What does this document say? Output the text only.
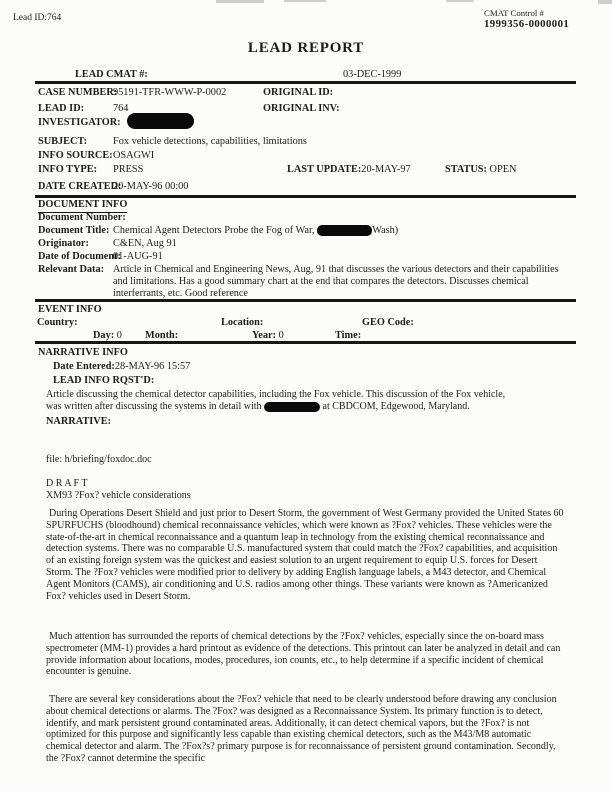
Lead ID:764	CMAT Control #
1999356-0000001
LEAD REPORT
LEAD CMAT #:	03-DEC-1999
CASE NUMBER:
95191-TFR-WWW-P-0002	ORIGINAL ID:
LEAD ID:	764	ORIGINAL INV:
INVESTIGATOR:
SUBJECT:	Fox vehicle detections, capabilities, limitations
INFO SOURCE: OSAGWI
INFO TYPE: PRESS	LAST UPDATE:20-MAY-97	STATUS: OPEN
DATE CREATED:
20-MAY-96 00:00
DOCUMENT INFO
Document Number:
Document Title: Chemical Agent Detectors Probe the Fog of War,	Wash)
Originator: C&EN, Aug 91
Date of Document:
01-AUG-91
Relevant Data: Article in Chemical and Engineering News, Aug, 91 that discusses the various detectors and their capabilities and limitations. Has a good summary chart at the end that compares the detectors. Discusses chemical interferrants, etc. Good reference
EVENT INFO
Country:	Location:	GEO Code:
Day: 0 Month:	Year: 0	Time:
NARRATIVE INFO
Date Entered:28-MAY-96 15:57
LEAD INFO RQST'D:
Article discussing the chemical detector capabilities, including the Fox vehicle. This discussion of the Fox vehicle,
was written after discussing the systems in detail with	at CBDCOM, Edgewood, Maryland.
NARRATIVE:
file: h/briefing/foxdoc.doc
D R A F T
XM93 ?Fox? vehicle considerations
During Operations Desert Shield and just prior to Desert Storm, the government of West Germany provided the United States 60 SPURFUCHS (bloodhound) chemical reconnaissance vehicles, which were known as ?Fox? vehicles. These vehicles were the state-of-the-art in chemical reconnaissance and a quantum leap in technology from the existing chemical reconnaissance and detection systems. There was no comparable U.S. manufactured system that could match the ?Fox? capabilities, and acquisition of an existing foreign system was the quickest and easiest solution to an urgent requirement to equip U.S. forces for Desert Storm. The ?Fox? vehicles were modified prior to delivery by adding English language labels, a M43 detector, and Chemical Agent Monitors (CAMS), air conditioning and U.S. radios among other things. These variants were known as ?Americanized Fox? vehicles used in Desert Storm.
Much attention has surrounded the reports of chemical detections by the ?Fox? vehicles, especially since the on-board mass spectrometer (MM-1) provides a hard printout as evidence of the detections. This printout can later be analyzed in detail and can provide information about locations, modes, procedures, ion counts, etc., to help determine if a specific incident of chemical encounter is genuine.
There are several key considerations about the ?Fox? vehicle that need to be clearly understood before drawing any conclusion about chemical detections or alarms. The ?Fox? was designed as a Reconnaissance System. Its primary function is to detect, identify, and mark persistent ground contaminated areas. Additionally, it can detect chemical vapors, but the ?Fox? is not optimized for this purpose and significantly less capable than existing chemical detectors, such as the M43/M8 automatic chemical detector and alarm. The ?Fox?s? primary purpose is for reconnaissance of persistent ground contamination. Secondly, the ?Fox? cannot determine the specific
